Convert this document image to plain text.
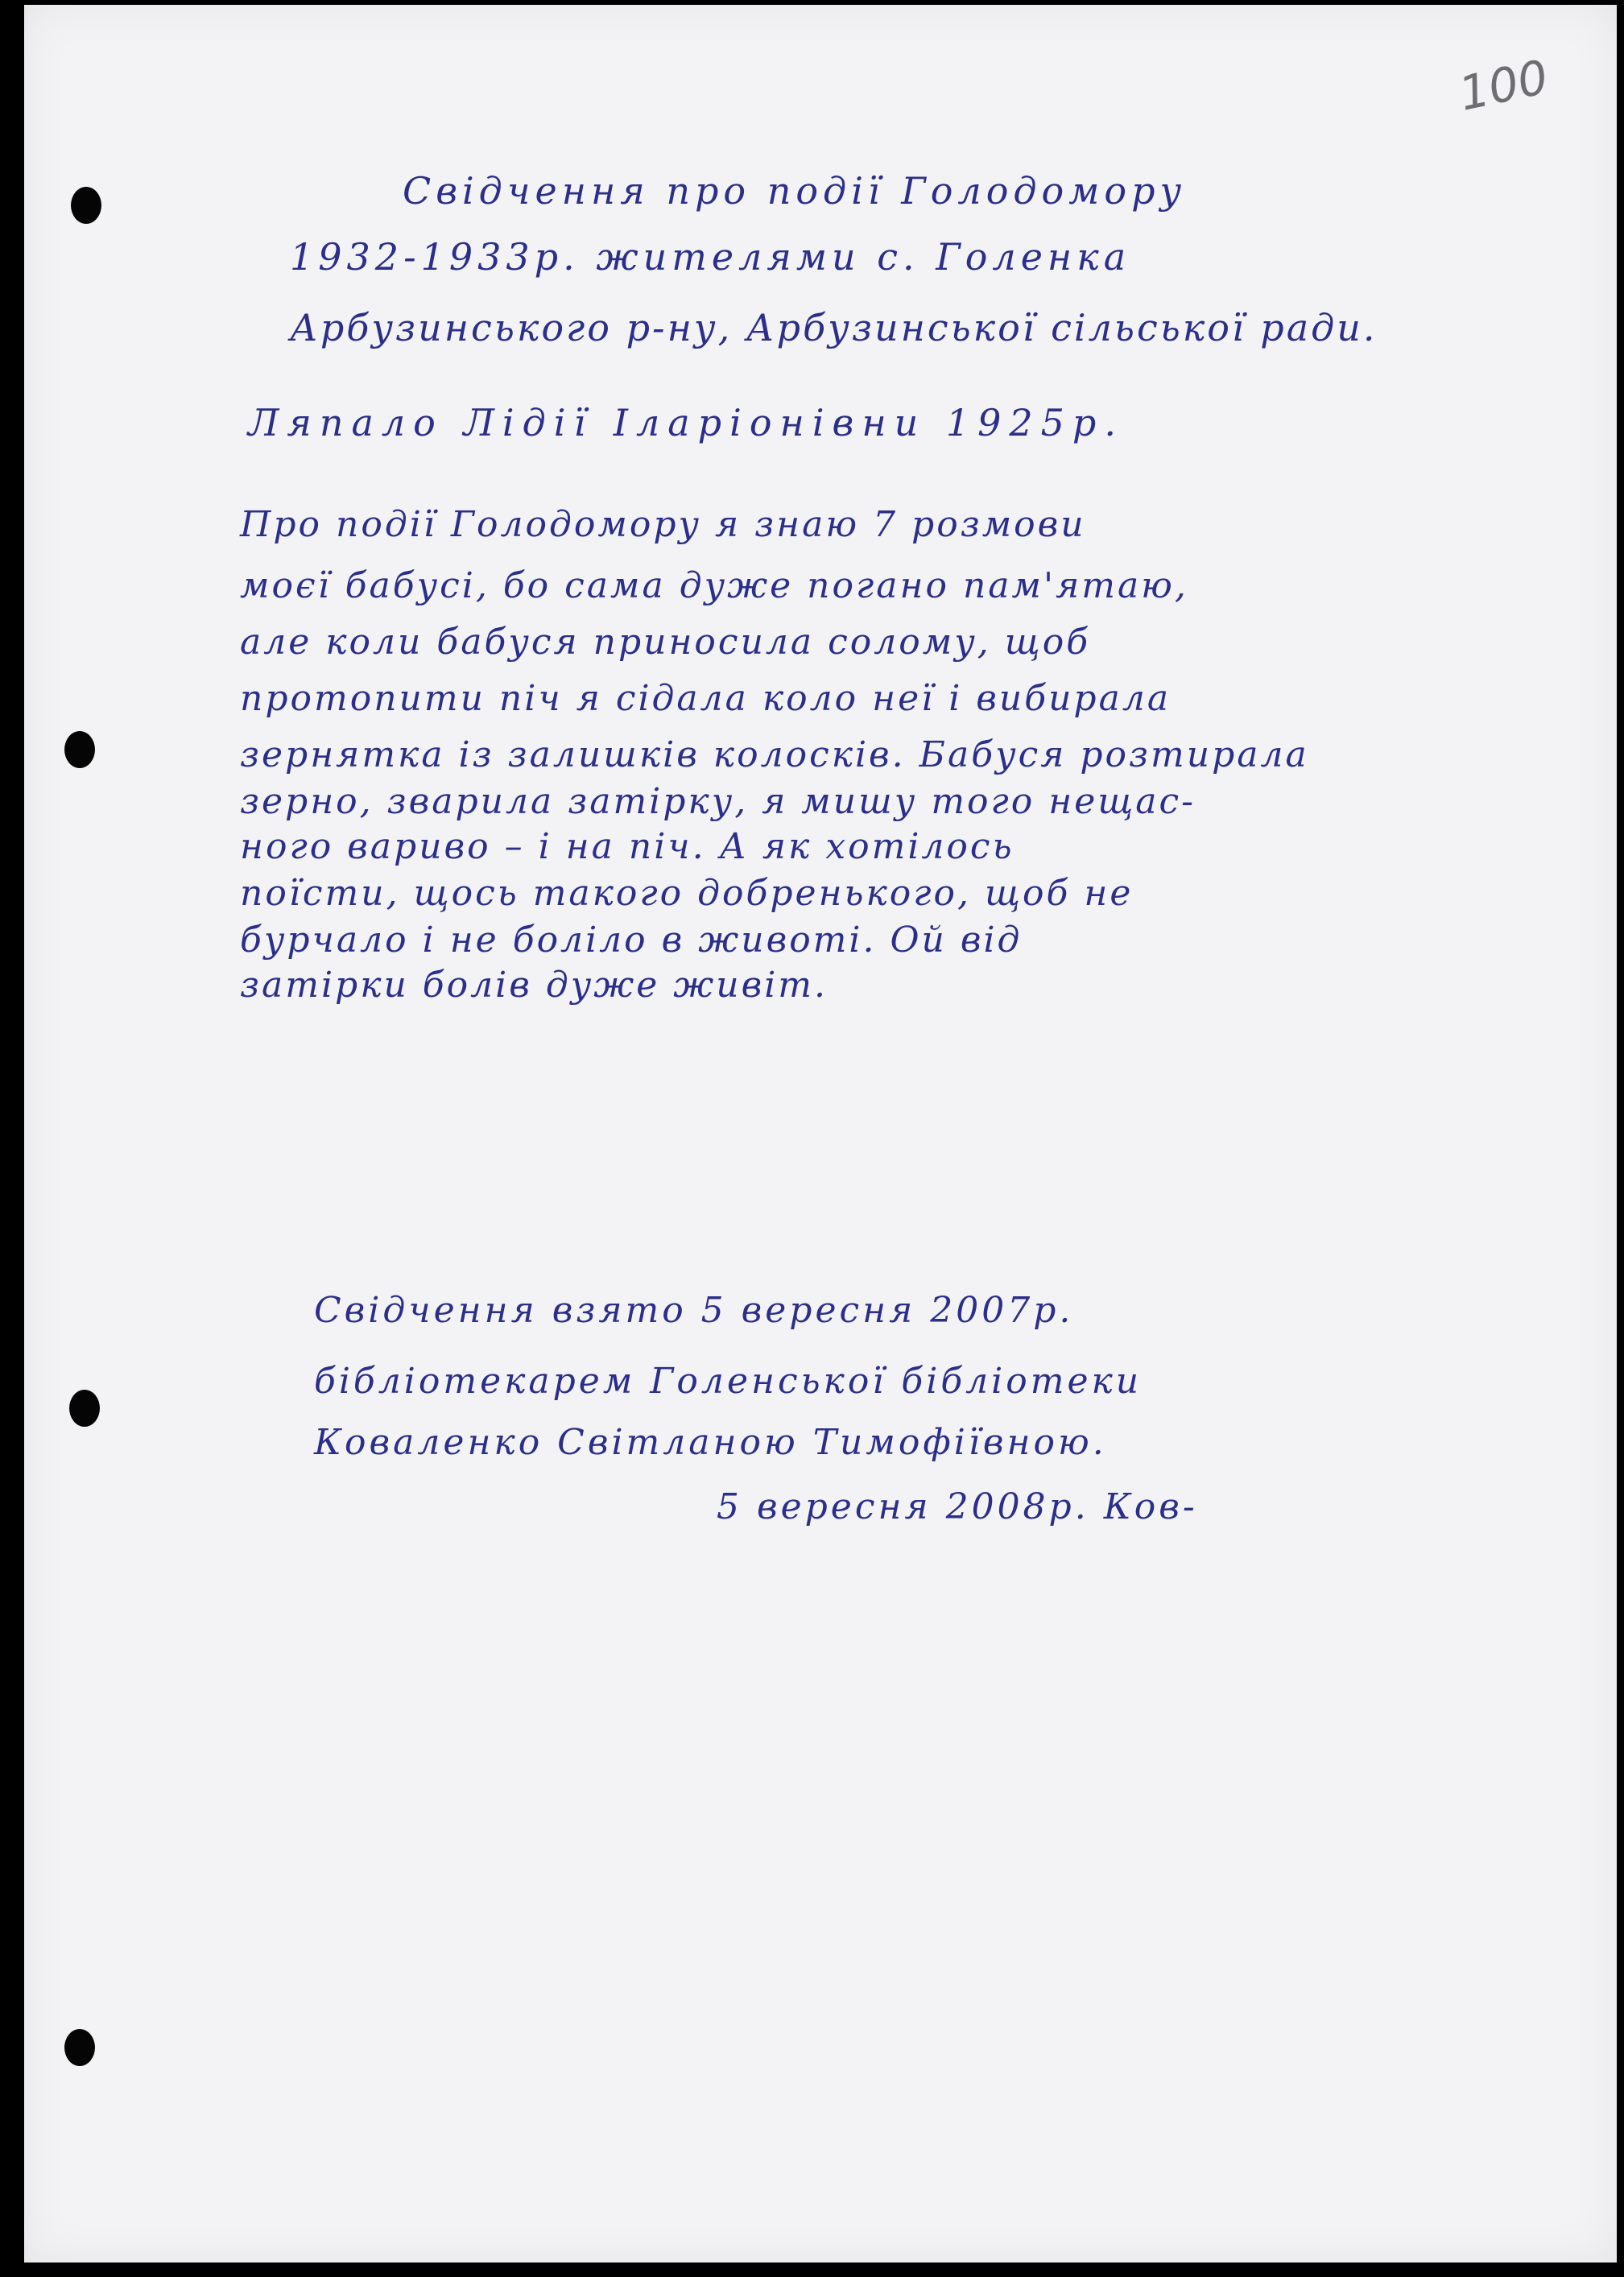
100
Свідчення про події Голодомору
1932-1933р. жителями с. Голенка
Арбузинського р-ну, Арбузинської сільської ради.
Ляпало Лідії Іларіонівни 1925р.
Про події Голодомору я знаю 7 розмови
моєї бабусі, бо сама дуже погано пам'ятаю,
але коли бабуся приносила солому, щоб
протопити піч я сідала коло неї і вибирала
зернятка із залишків колосків. Бабуся розтирала
зерно, зварила затірку, я мишу того нещас-
ного вариво – і на піч. А як хотілось
поїсти, щось такого добренького, щоб не
бурчало і не боліло в животі. Ой від
затірки болів дуже живіт.
Свідчення взято 5 вересня 2007р.
бібліотекарем Голенської бібліотеки
Коваленко Світланою Тимофіївною.
5 вересня 2008р. Ков-
